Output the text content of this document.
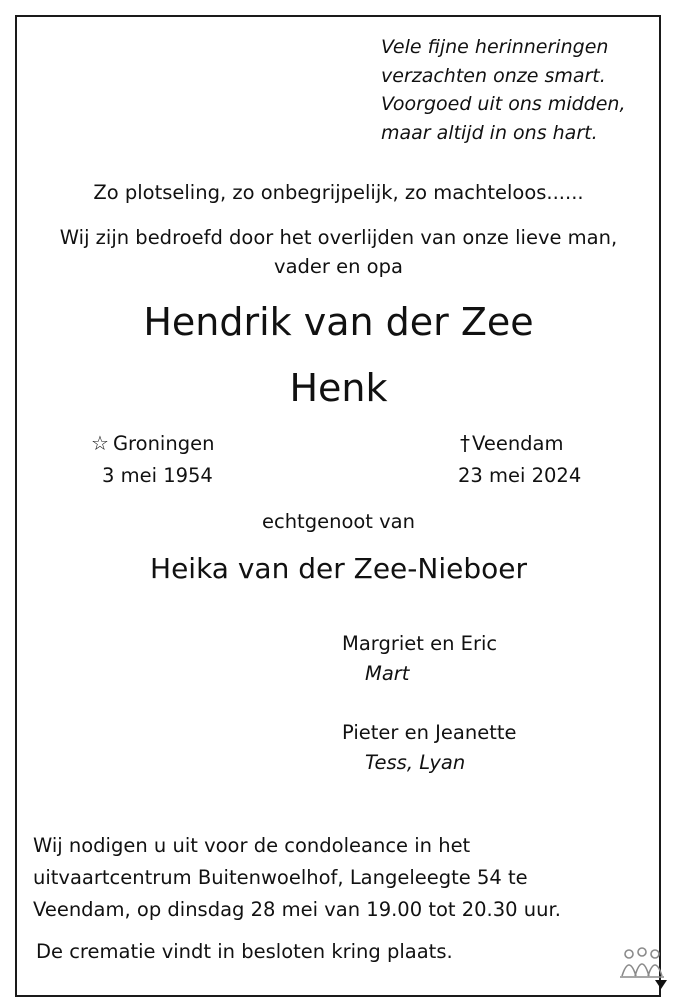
Vele fijne herinneringen
verzachten onze smart.
Voorgoed uit ons midden,
maar altijd in ons hart.
Zo plotseling, zo onbegrijpelijk, zo machteloos......
Wij zijn bedroefd door het overlijden van onze lieve man,
vader en opa
Hendrik van der Zee
Henk
☆ Groningen
3 mei 1954
† Veendam
23 mei 2024
echtgenoot van
Heika van der Zee-Nieboer
Margriet en Eric
Mart
Pieter en Jeanette
Tess, Lyan
Wij nodigen u uit voor de condoleance in het
uitvaartcentrum Buitenwoelhof, Langeleegte 54 te
Veendam, op dinsdag 28 mei van 19.00 tot 20.30 uur.
De crematie vindt in besloten kring plaats.
